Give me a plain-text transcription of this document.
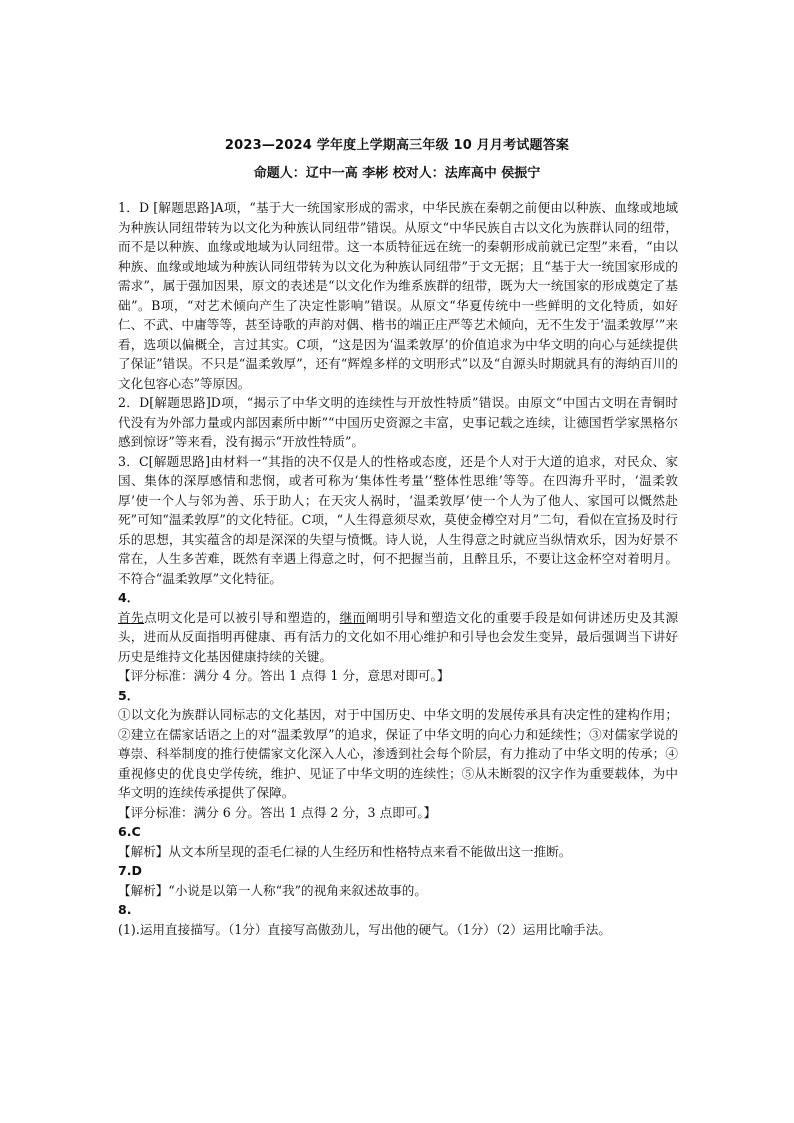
2023—2024 学年度上学期高三年级 10 月月考试题答案
命题人：辽中一高 李彬 校对人：法库高中 侯振宁

1．D [解题思路]A项，“基于大一统国家形成的需求，中华民族在秦朝之前便由以种族、血缘或地域为种族认同纽带转为以文化为种族认同纽带”错误。从原文“中华民族自古以文化为族群认同的纽带，而不是以种族、血缘或地域为认同纽带。这一本质特征远在统一的秦朝形成前就已定型”来看，“由以种族、血缘或地域为种族认同纽带转为以文化为种族认同纽带”于文无据；且“基于大一统国家形成的需求”，属于强加因果，原文的表述是“以文化作为维系族群的纽带，既为大一统国家的形成奠定了基础”。B项，“对艺术倾向产生了决定性影响”错误。从原文“华夏传统中一些鲜明的文化特质，如好仁、不武、中庸等等，甚至诗歌的声韵对偶、楷书的端正庄严等艺术倾向，无不生发于‘温柔敦厚’”来看，选项以偏概全，言过其实。C项，“这是因为‘温柔敦厚’的价值追求为中华文明的向心与延续提供了保证”错误。不只是“温柔敦厚”，还有“辉煌多样的文明形式”以及“自源头时期就具有的海纳百川的文化包容心态”等原因。

2．D[解题思路]D项，“揭示了中华文明的连续性与开放性特质”错误。由原文“中国古文明在青铜时代没有为外部力量或内部因素所中断”“中国历史资源之丰富，史事记载之连续，让德国哲学家黑格尔感到惊讶”等来看，没有揭示“开放性特质”。

3．C[解题思路]由材料一“其指的决不仅是人的性格或态度，还是个人对于大道的追求，对民众、家国、集体的深厚感情和悲悯，或者可称为‘集体性考量’‘整体性思维’等等。在四海升平时，‘温柔敦厚’使一个人与邻为善、乐于助人；在天灾人祸时，‘温柔敦厚’使一个人为了他人、家国可以慨然赴死”可知“温柔敦厚”的文化特征。C项，“人生得意须尽欢，莫使金樽空对月”二句，看似在宣扬及时行乐的思想，其实蕴含的却是深深的失望与愤慨。诗人说，人生得意之时就应当纵情欢乐，因为好景不常在，人生多苦难，既然有幸遇上得意之时，何不把握当前，且醉且乐，不要让这金杯空对着明月。不符合“温柔敦厚”文化特征。

4．

首先点明文化是可以被引导和塑造的，继而阐明引导和塑造文化的重要手段是如何讲述历史及其源头，进而从反面指明再健康、再有活力的文化如不用心维护和引导也会发生变异，最后强调当下讲好历史是维持文化基因健康持续的关键。

【评分标准：满分 4 分。答出 1 点得 1 分，意思对即可。】

5．

①以文化为族群认同标志的文化基因，对于中国历史、中华文明的发展传承具有决定性的建构作用；②建立在儒家话语之上的对“温柔敦厚”的追求，保证了中华文明的向心力和延续性；③对儒家学说的尊崇、科举制度的推行使儒家文化深入人心，渗透到社会每个阶层，有力推动了中华文明的传承；④重视修史的优良史学传统，维护、见证了中华文明的连续性；⑤从未断裂的汉字作为重要载体，为中华文明的连续传承提供了保障。

【评分标准：满分 6 分。答出 1 点得 2 分，3 点即可。】

6.C

【解析】从文本所呈现的歪毛仁禄的人生经历和性格特点来看不能做出这一推断。

7.D

【解析】“小说是以第一人称“我”的视角来叙述故事的。

8.

(1).运用直接描写。（1分）直接写高傲劲儿，写出他的硬气。（1分）（2）运用比喻手法。
